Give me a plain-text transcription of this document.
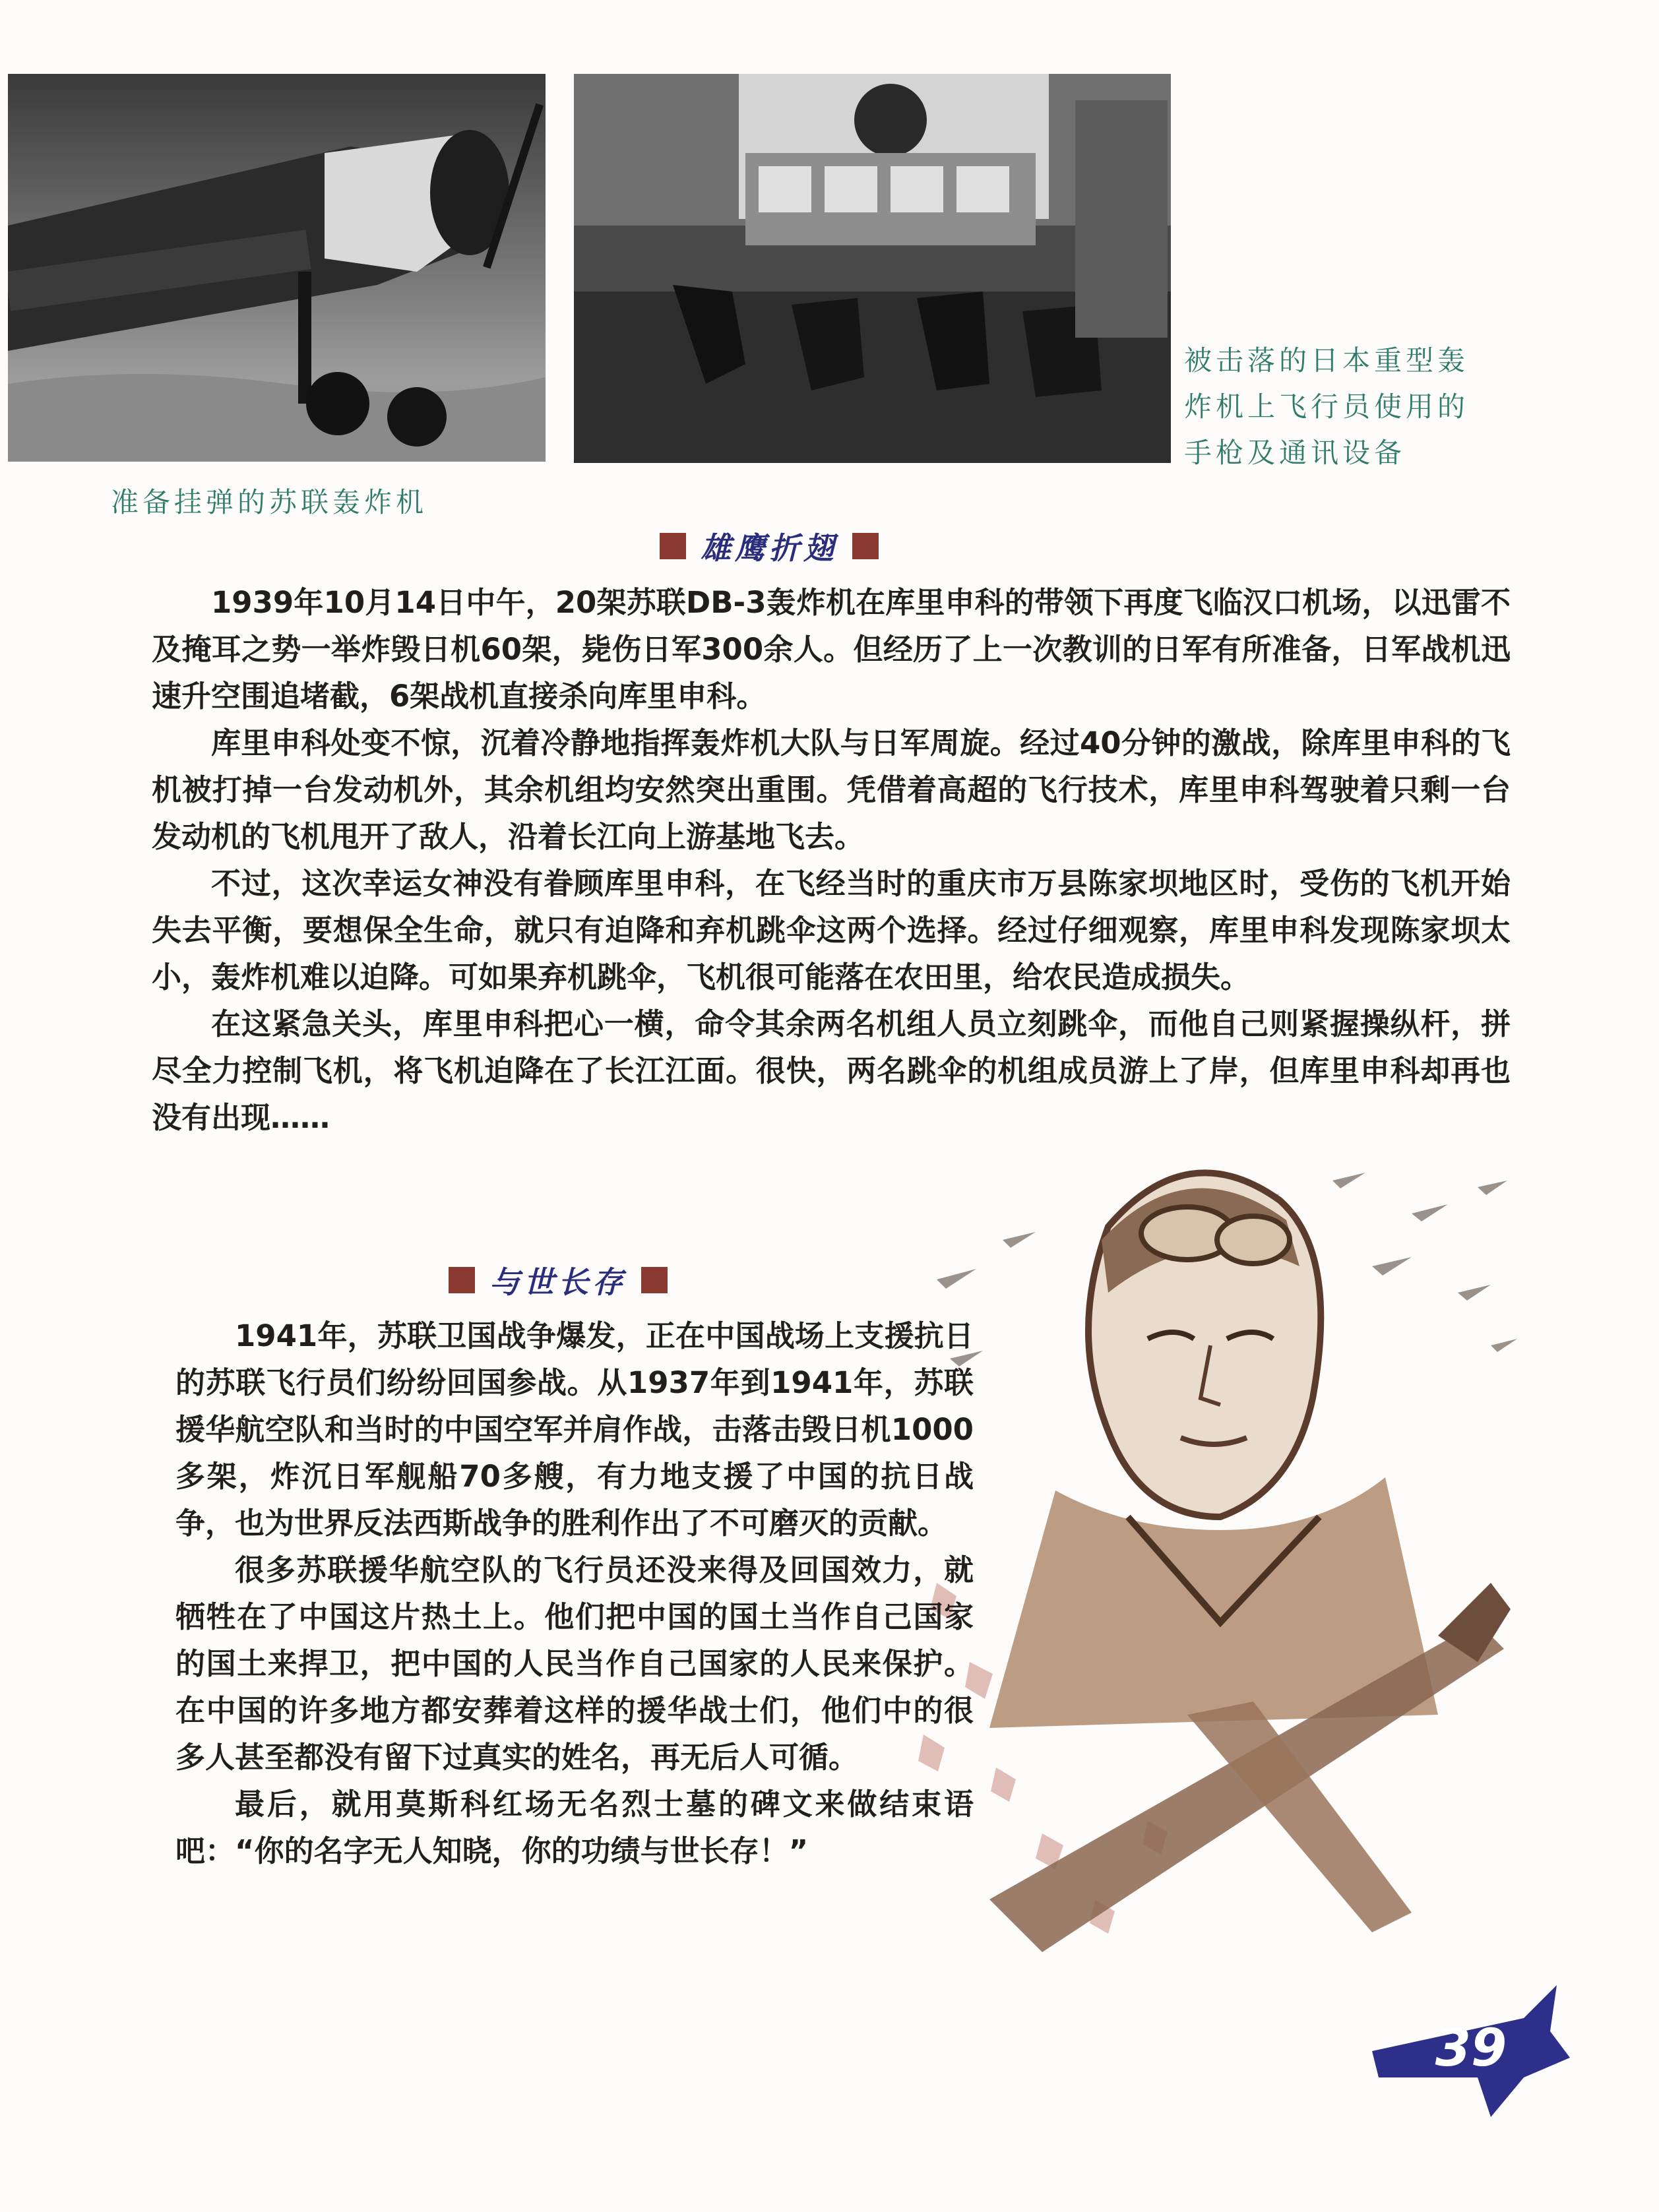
准备挂弹的苏联轰炸机
被击落的日本重型轰
炸机上飞行员使用的
手枪及通讯设备
雄鹰折翅

1939年10月14日中午，20架苏联DB-3轰炸机在库里申科的带领下再度飞临汉口机场，以迅雷不及掩耳之势一举炸毁日机60架，毙伤日军300余人。但经历了上一次教训的日军有所准备，日军战机迅速升空围追堵截，6架战机直接杀向库里申科。

库里申科处变不惊，沉着冷静地指挥轰炸机大队与日军周旋。经过40分钟的激战，除库里申科的飞机被打掉一台发动机外，其余机组均安然突出重围。凭借着高超的飞行技术，库里申科驾驶着只剩一台发动机的飞机甩开了敌人，沿着长江向上游基地飞去。

不过，这次幸运女神没有眷顾库里申科，在飞经当时的重庆市万县陈家坝地区时，受伤的飞机开始失去平衡，要想保全生命，就只有迫降和弃机跳伞这两个选择。经过仔细观察，库里申科发现陈家坝太小，轰炸机难以迫降。可如果弃机跳伞，飞机很可能落在农田里，给农民造成损失。

在这紧急关头，库里申科把心一横，命令其余两名机组人员立刻跳伞，而他自己则紧握操纵杆，拼尽全力控制飞机，将飞机迫降在了长江江面。很快，两名跳伞的机组成员游上了岸，但库里申科却再也没有出现……

与世长存

1941年，苏联卫国战争爆发，正在中国战场上支援抗日的苏联飞行员们纷纷回国参战。从1937年到1941年，苏联援华航空队和当时的中国空军并肩作战，击落击毁日机1000多架，炸沉日军舰船70多艘，有力地支援了中国的抗日战争，也为世界反法西斯战争的胜利作出了不可磨灭的贡献。

很多苏联援华航空队的飞行员还没来得及回国效力，就牺牲在了中国这片热土上。他们把中国的国土当作自己国家的国土来捍卫，把中国的人民当作自己国家的人民来保护。在中国的许多地方都安葬着这样的援华战士们，他们中的很多人甚至都没有留下过真实的姓名，再无后人可循。

最后，就用莫斯科红场无名烈士墓的碑文来做结束语吧：“你的名字无人知晓，你的功绩与世长存！”

39
